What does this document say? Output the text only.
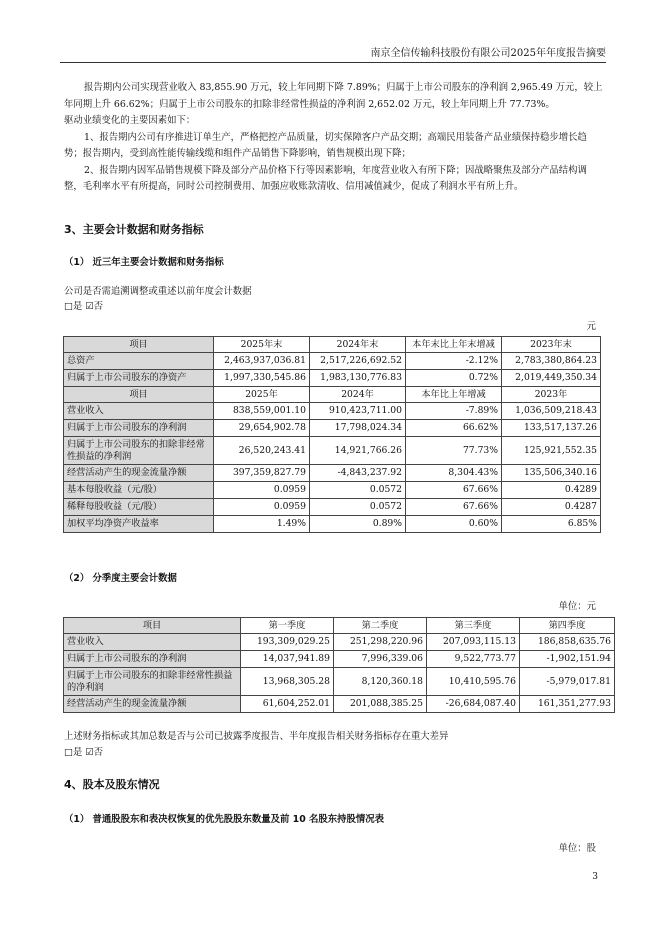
南京全信传输科技股份有限公司2025年年度报告摘要

报告期内公司实现营业收入 83,855.90 万元，较上年同期下降 7.89%；归属于上市公司股东的净利润 2,965.49 万元，较上年同期上升 66.62%；归属于上市公司股东的扣除非经常性损益的净利润 2,652.02 万元，较上年同期上升 77.73%。

驱动业绩变化的主要因素如下：

1、报告期内公司有序推进订单生产，严格把控产品质量，切实保障客户产品交期；高端民用装备产品业绩保持稳步增长趋势；报告期内，受到高性能传输线缆和组件产品销售下降影响，销售规模出现下降；

2、报告期内因军品销售规模下降及部分产品价格下行等因素影响，年度营业收入有所下降；因战略聚焦及部分产品结构调整，毛利率水平有所提高，同时公司控制费用、加强应收账款清收、信用减值减少，促成了利润水平有所上升。

3、主要会计数据和财务指标
（1） 近三年主要会计数据和财务指标
公司是否需追溯调整或重述以前年度会计数据
□是 ☑否
元
项目	2025年末	2024年末	本年末比上年末增减	2023年末
总资产	2,463,937,036.81	2,517,226,692.52	-2.12%	2,783,380,864.23
归属于上市公司股东的净资产	1,997,330,545.86	1,983,130,776.83	0.72%	2,019,449,350.34
项目	2025年	2024年	本年比上年增减	2023年
营业收入	838,559,001.10	910,423,711.00	-7.89%	1,036,509,218.43
归属于上市公司股东的净利润	29,654,902.78	17,798,024.34	66.62%	133,517,137.26
归属于上市公司股东的扣除非经常性损益的净利润	26,520,243.41	14,921,766.26	77.73%	125,921,552.35
经营活动产生的现金流量净额	397,359,827.79	-4,843,237.92	8,304.43%	135,506,340.16
基本每股收益（元/股）	0.0959	0.0572	67.66%	0.4289
稀释每股收益（元/股）	0.0959	0.0572	67.66%	0.4287
加权平均净资产收益率	1.49%	0.89%	0.60%	6.85%
（2） 分季度主要会计数据
单位：元
项目	第一季度	第二季度	第三季度	第四季度
营业收入	193,309,029.25	251,298,220.96	207,093,115.13	186,858,635.76
归属于上市公司股东的净利润	14,037,941.89	7,996,339.06	9,522,773.77	-1,902,151.94
归属于上市公司股东的扣除非经常性损益的净利润	13,968,305.28	8,120,360.18	10,410,595.76	-5,979,017.81
经营活动产生的现金流量净额	61,604,252.01	201,088,385.25	-26,684,087.40	161,351,277.93
上述财务指标或其加总数是否与公司已披露季度报告、半年度报告相关财务指标存在重大差异
□是 ☑否
4、股本及股东情况
（1） 普通股股东和表决权恢复的优先股股东数量及前 10 名股东持股情况表
单位：股
3
